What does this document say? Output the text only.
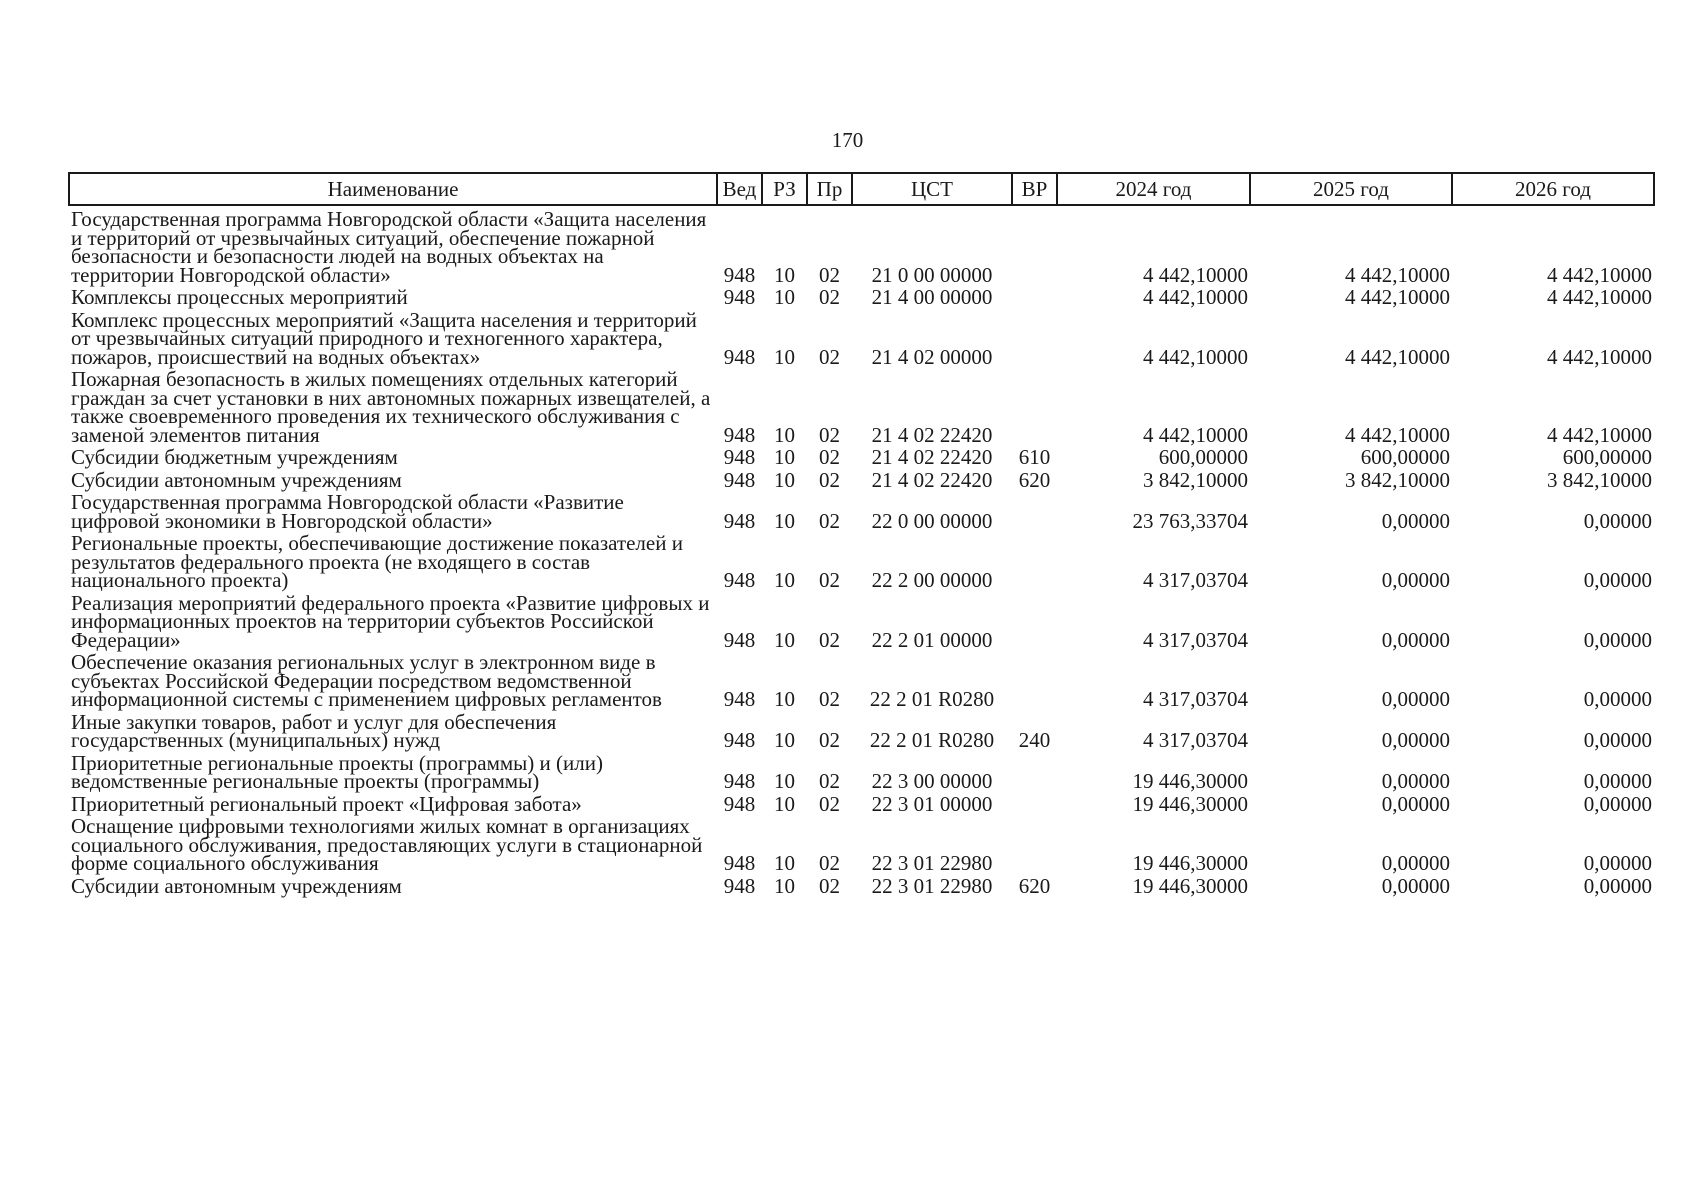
170
Наименование	Вед	РЗ	Пр	ЦСТ	ВР	2024 год	2025 год	2026 год
Государственная программа Новгородской области «Защита населения и территорий от чрезвычайных ситуаций, обеспечение пожарной безопасности и безопасности людей на водных объектах на территории Новгородской области»	948	10	02	21 0 00 00000		4 442,10000	4 442,10000	4 442,10000
Комплексы процессных мероприятий	948	10	02	21 4 00 00000		4 442,10000	4 442,10000	4 442,10000
Комплекс процессных мероприятий «Защита населения и территорий от чрезвычайных ситуаций природного и техногенного характера, пожаров, происшествий на водных объектах»	948	10	02	21 4 02 00000		4 442,10000	4 442,10000	4 442,10000
Пожарная безопасность в жилых помещениях отдельных категорий граждан за счет установки в них автономных пожарных извещателей, а также своевременного проведения их технического обслуживания с заменой элементов питания	948	10	02	21 4 02 22420		4 442,10000	4 442,10000	4 442,10000
Субсидии бюджетным учреждениям	948	10	02	21 4 02 22420	610	600,00000	600,00000	600,00000
Субсидии автономным учреждениям	948	10	02	21 4 02 22420	620	3 842,10000	3 842,10000	3 842,10000
Государственная программа Новгородской области «Развитие цифровой экономики в Новгородской области»	948	10	02	22 0 00 00000		23 763,33704	0,00000	0,00000
Региональные проекты, обеспечивающие достижение показателей и результатов федерального проекта (не входящего в состав национального проекта)	948	10	02	22 2 00 00000		4 317,03704	0,00000	0,00000
Реализация мероприятий федерального проекта «Развитие цифровых и информационных проектов на территории субъектов Российской Федерации»	948	10	02	22 2 01 00000		4 317,03704	0,00000	0,00000
Обеспечение оказания региональных услуг в электронном виде в субъектах Российской Федерации посредством ведомственной информационной системы с применением цифровых регламентов	948	10	02	22 2 01 R0280		4 317,03704	0,00000	0,00000
Иные закупки товаров, работ и услуг для обеспечения государственных (муниципальных) нужд	948	10	02	22 2 01 R0280	240	4 317,03704	0,00000	0,00000
Приоритетные региональные проекты (программы) и (или) ведомственные региональные проекты (программы)	948	10	02	22 3 00 00000		19 446,30000	0,00000	0,00000
Приоритетный региональный проект «Цифровая забота»	948	10	02	22 3 01 00000		19 446,30000	0,00000	0,00000
Оснащение цифровыми технологиями жилых комнат в организациях социального обслуживания, предоставляющих услуги в стационарной форме социального обслуживания	948	10	02	22 3 01 22980		19 446,30000	0,00000	0,00000
Субсидии автономным учреждениям	948	10	02	22 3 01 22980	620	19 446,30000	0,00000	0,00000
